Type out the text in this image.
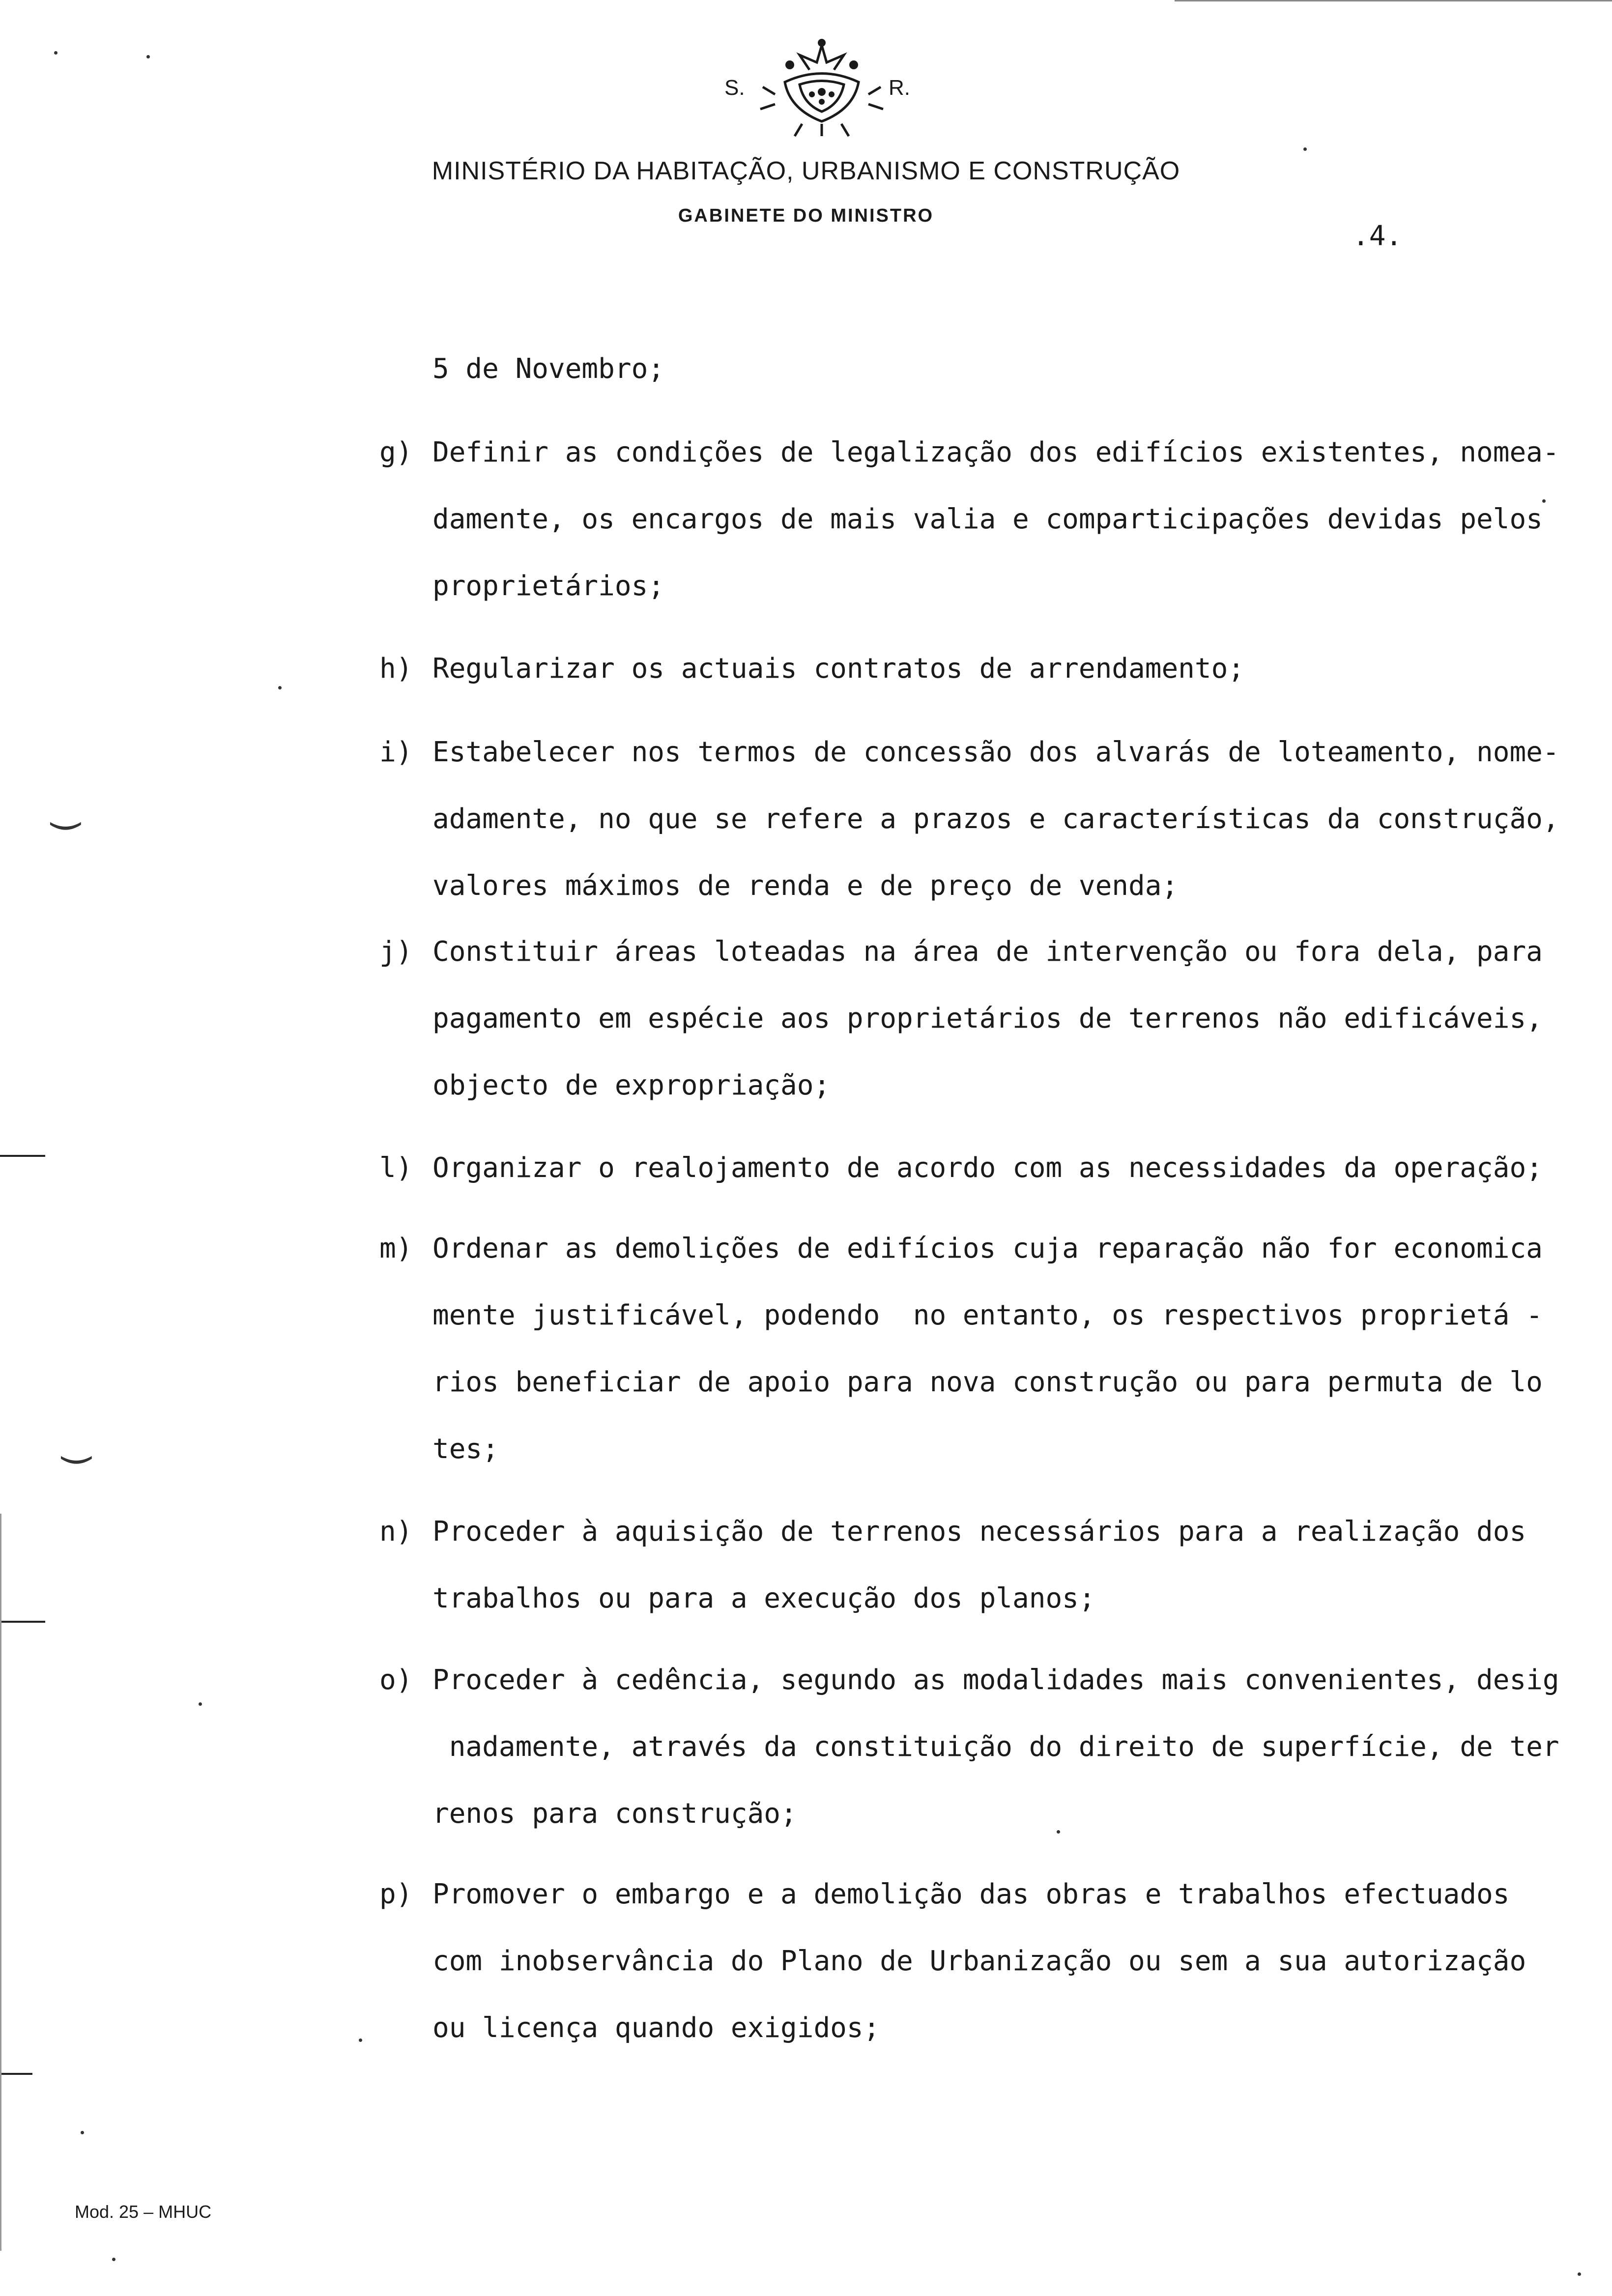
S.	R.
MINISTÉRIO DA HABITAÇÃO, URBANISMO E CONSTRUÇÃO
GABINETE DO MINISTRO
.4.
5 de Novembro;
g) Definir as condições de legalização dos edifícios existentes, nomea-
damente, os encargos de mais valia e comparticipações devidas pelos
proprietários;
h) Regularizar os actuais contratos de arrendamento;
i) Estabelecer nos termos de concessão dos alvarás de loteamento, nome-
adamente, no que se refere a prazos e características da construção,
valores máximos de renda e de preço de venda;
j) Constituir áreas loteadas na área de intervenção ou fora dela, para
pagamento em espécie aos proprietários de terrenos não edificáveis,
objecto de expropriação;
l) Organizar o realojamento de acordo com as necessidades da operação;
m) Ordenar as demolições de edifícios cuja reparação não for economica
mente justificável, podendo  no entanto, os respectivos proprietá -
rios beneficiar de apoio para nova construção ou para permuta de lo
tes;
n) Proceder à aquisição de terrenos necessários para a realização dos
trabalhos ou para a execução dos planos;
o) Proceder à cedência, segundo as modalidades mais convenientes, desig
nadamente, através da constituição do direito de superfície, de ter
renos para construção;
p) Promover o embargo e a demolição das obras e trabalhos efectuados
com inobservância do Plano de Urbanização ou sem a sua autorização
ou licença quando exigidos;
Mod. 25 – MHUC
(
(
